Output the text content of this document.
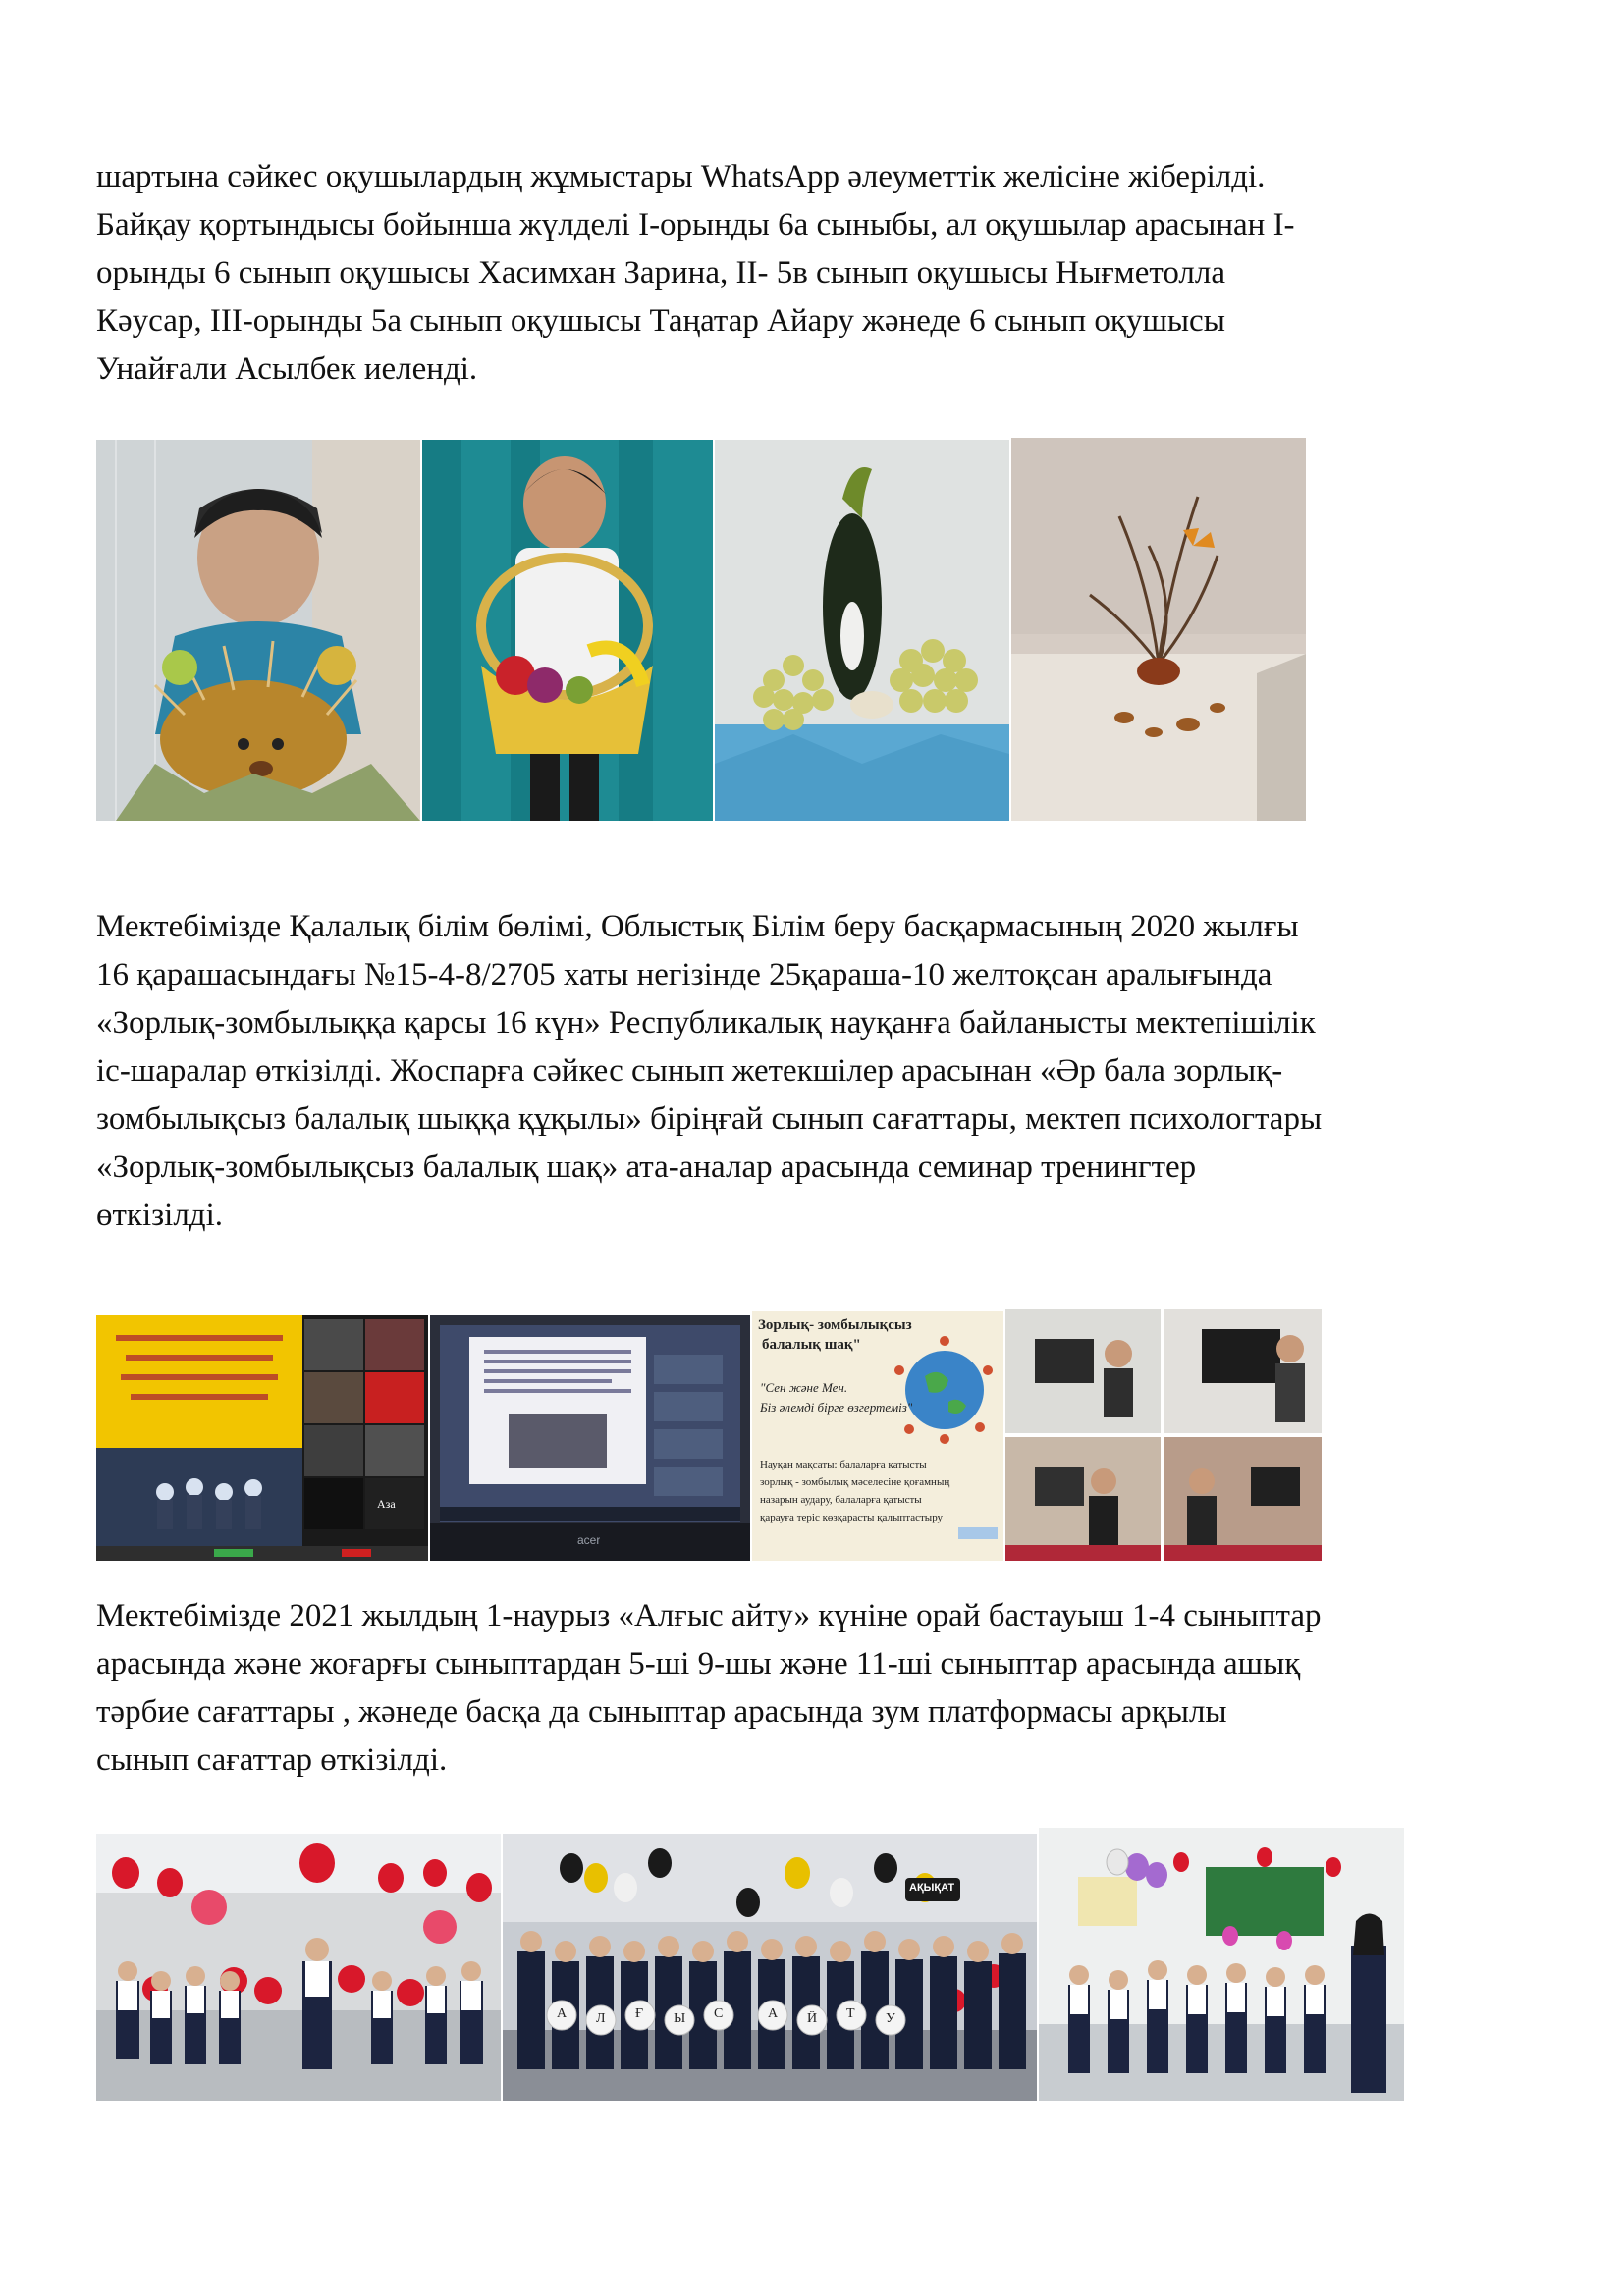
шартына сәйкес оқушылардың жұмыстары WhatsApp әлеуметтік желісіне жіберілді.
Байқау қортындысы бойынша жүлделі І-орынды 6а сыныбы, ал оқушылар арасынан І-
орынды 6 сынып оқушысы Хасимхан Зарина, ІІ- 5в сынып оқушысы Нығметолла
Кәусар, ІІІ-орынды 5а сынып оқушысы Таңатар Айару жәнеде 6 сынып оқушысы
Унайғали Асылбек иеленді.
Мектебімізде Қалалық білім бөлімі, Облыстық Білім беру басқармасының 2020 жылғы
16 қарашасындағы №15-4-8/2705 хаты негізінде 25қараша-10 желтоқсан аралығында
«Зорлық-зомбылыққа қарсы 16 күн» Республикалық науқанға байланысты мектепішілік
іс-шаралар өткізілді. Жоспарға сәйкес сынып жетекшілер арасынан «Әр бала зорлық-
зомбылықсыз балалық шыққа құқылы» біріңғай сынып сағаттары, мектеп психологтары
«Зорлық-зомбылықсыз балалық шақ» ата-аналар арасында семинар тренингтер
өткізілді.
Аза
acer
Зорлық- зомбылықсыз
балалық шақ"
"Сен және Мен.
Біз әлемді бірге өзгертеміз"
Науқан мақсаты: балаларға қатысты
зорлық - зомбылық мәселесіне қоғамның
назарын аудару, балаларға қатысты
қарауға теріс көзқарасты қалыптастыру
Мектебімізде 2021 жылдың 1-наурыз «Алғыс айту» күніне орай бастауыш 1-4 сыныптар
арасында және жоғарғы сыныптардан 5-ші 9-шы және 11-ші сыныптар арасында ашық
тәрбие сағаттары , жәнеде басқа да сыныптар арасында зум платформасы арқылы
сынып сағаттар өткізілді.
АҚЫҚАТ
А Л Ғ Ы С	А Й Т У
